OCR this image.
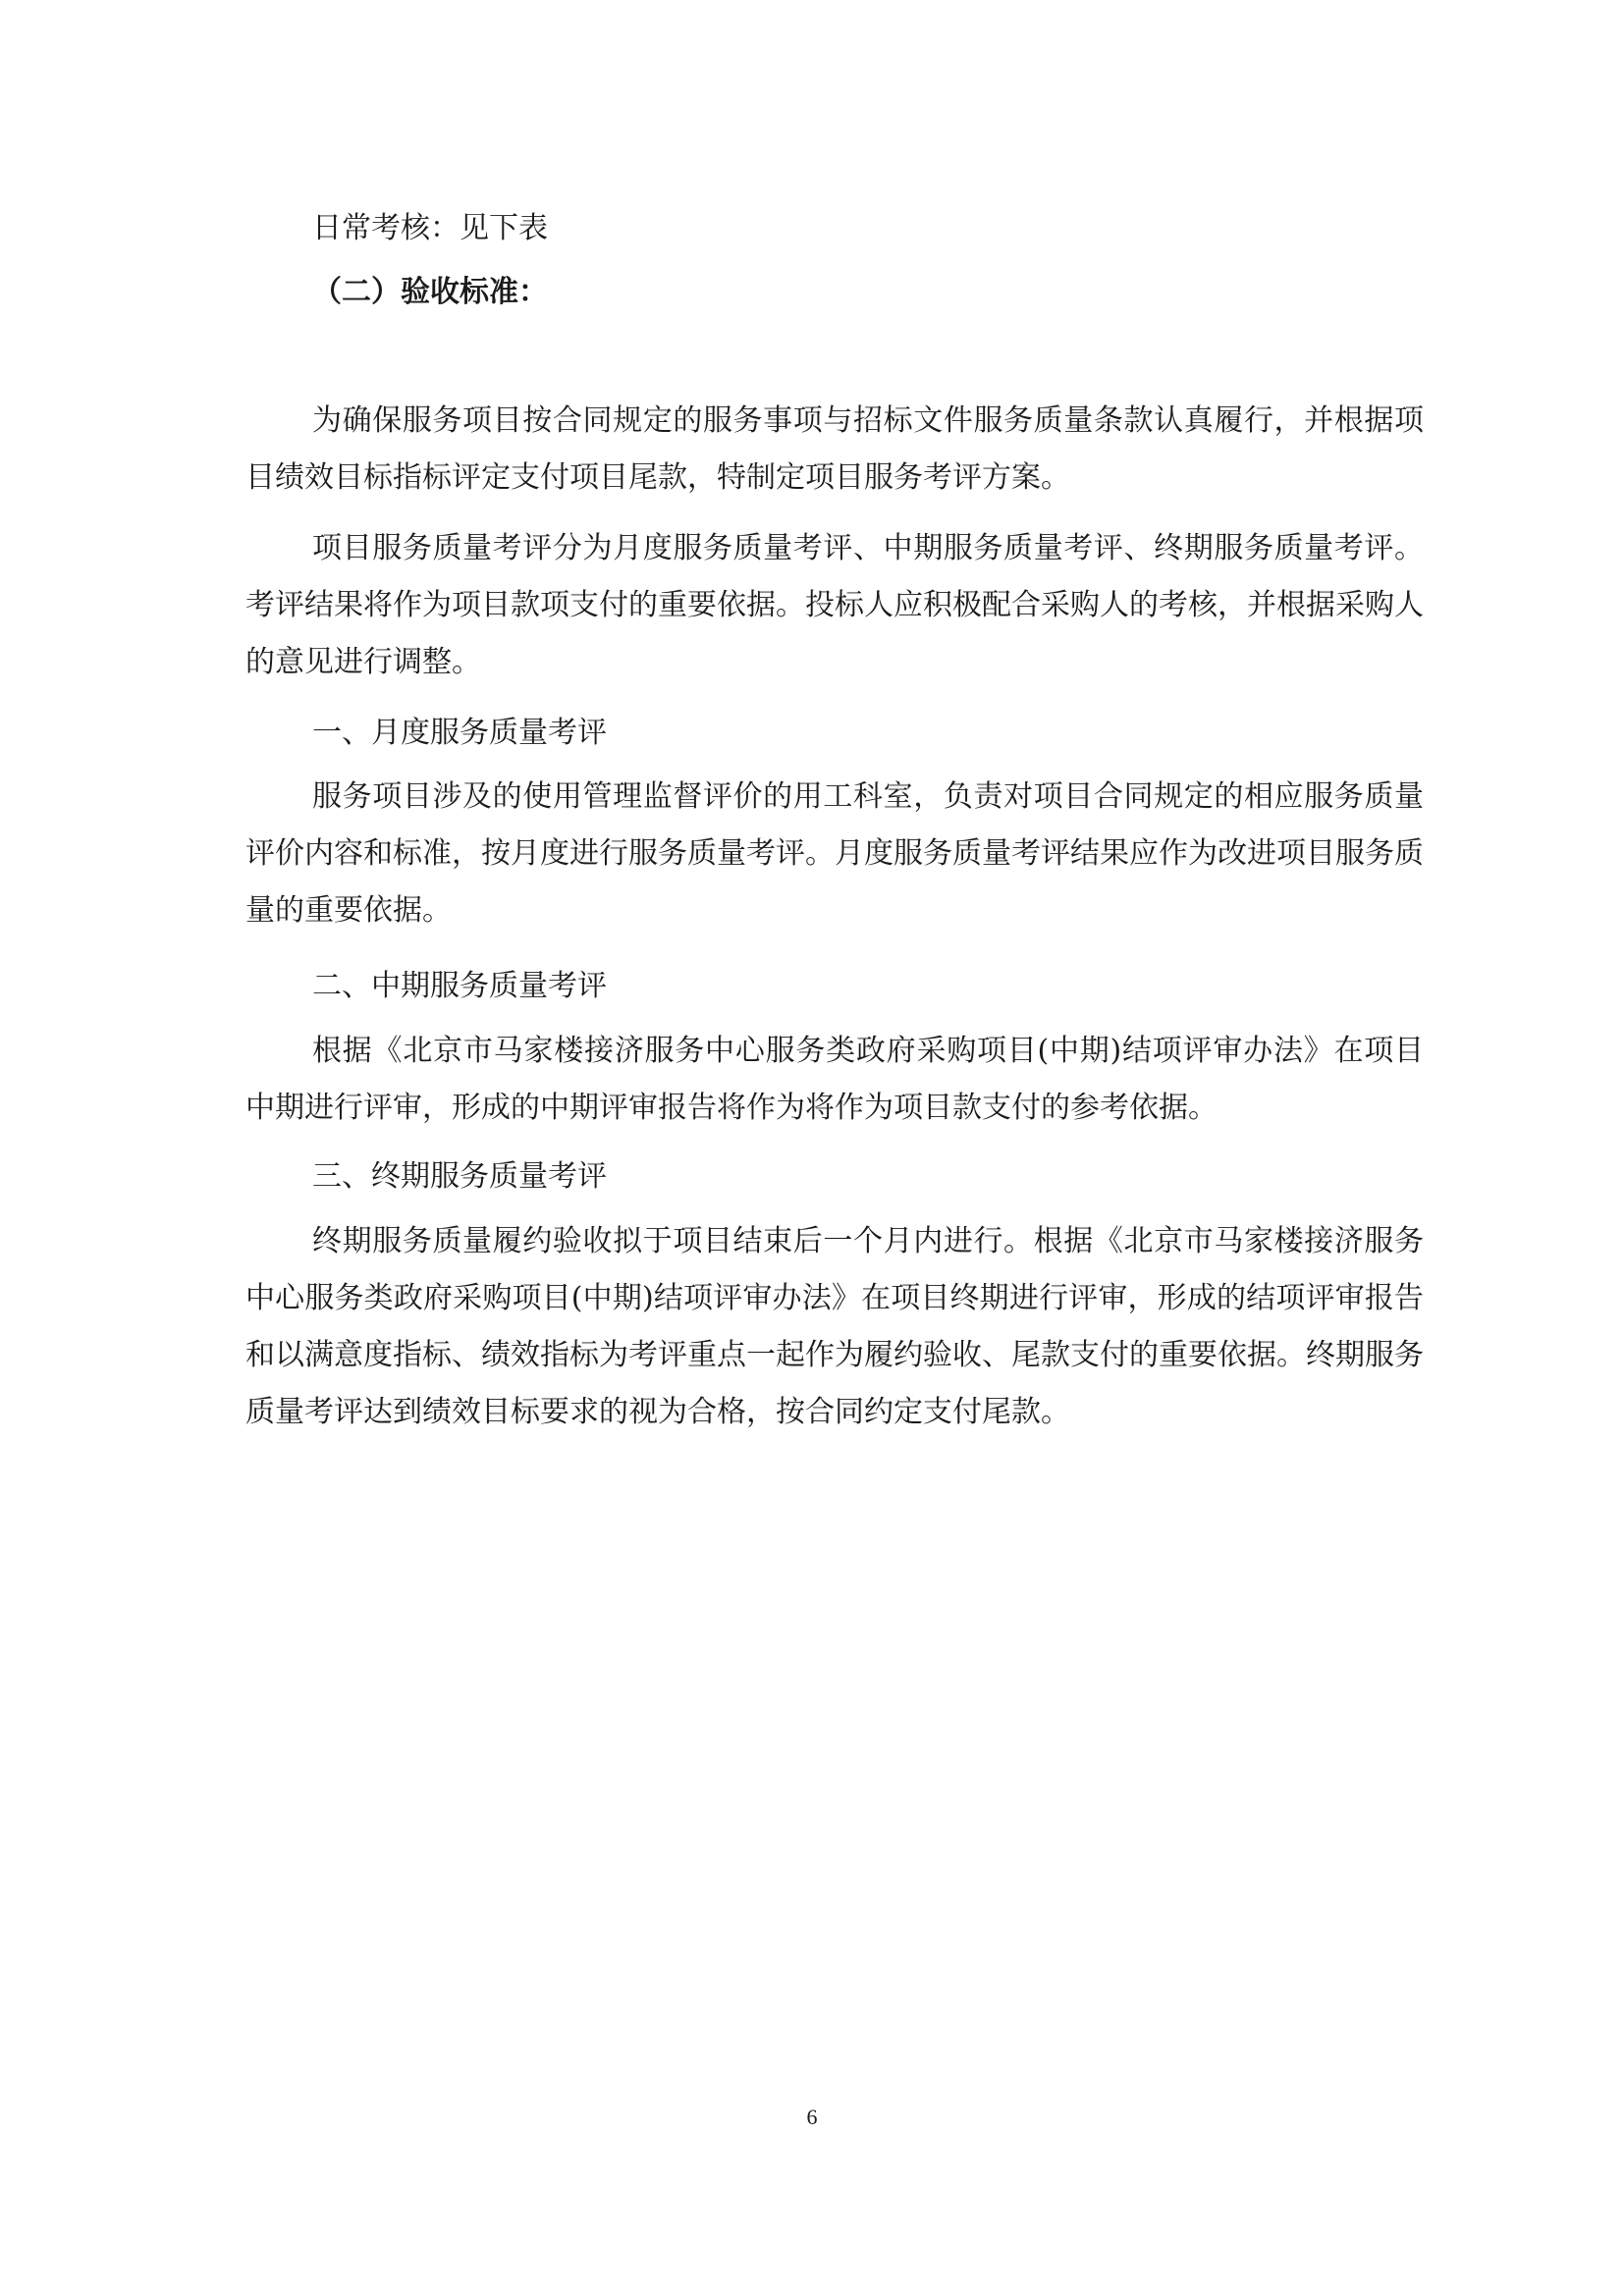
日常考核：见下表

（二）验收标准：

为确保服务项目按合同规定的服务事项与招标文件服务质量条款认真履行，并根据项目绩效目标指标评定支付项目尾款，特制定项目服务考评方案。

项目服务质量考评分为月度服务质量考评、中期服务质量考评、终期服务质量考评。考评结果将作为项目款项支付的重要依据。投标人应积极配合采购人的考核，并根据采购人的意见进行调整。

一、月度服务质量考评

服务项目涉及的使用管理监督评价的用工科室，负责对项目合同规定的相应服务质量评价内容和标准，按月度进行服务质量考评。月度服务质量考评结果应作为改进项目服务质量的重要依据。

二、中期服务质量考评

根据《北京市马家楼接济服务中心服务类政府采购项目(中期)结项评审办法》在项目中期进行评审，形成的中期评审报告将作为将作为项目款支付的参考依据。

三、终期服务质量考评

终期服务质量履约验收拟于项目结束后一个月内进行。根据《北京市马家楼接济服务中心服务类政府采购项目(中期)结项评审办法》在项目终期进行评审，形成的结项评审报告和以满意度指标、绩效指标为考评重点一起作为履约验收、尾款支付的重要依据。终期服务质量考评达到绩效目标要求的视为合格，按合同约定支付尾款。

6
